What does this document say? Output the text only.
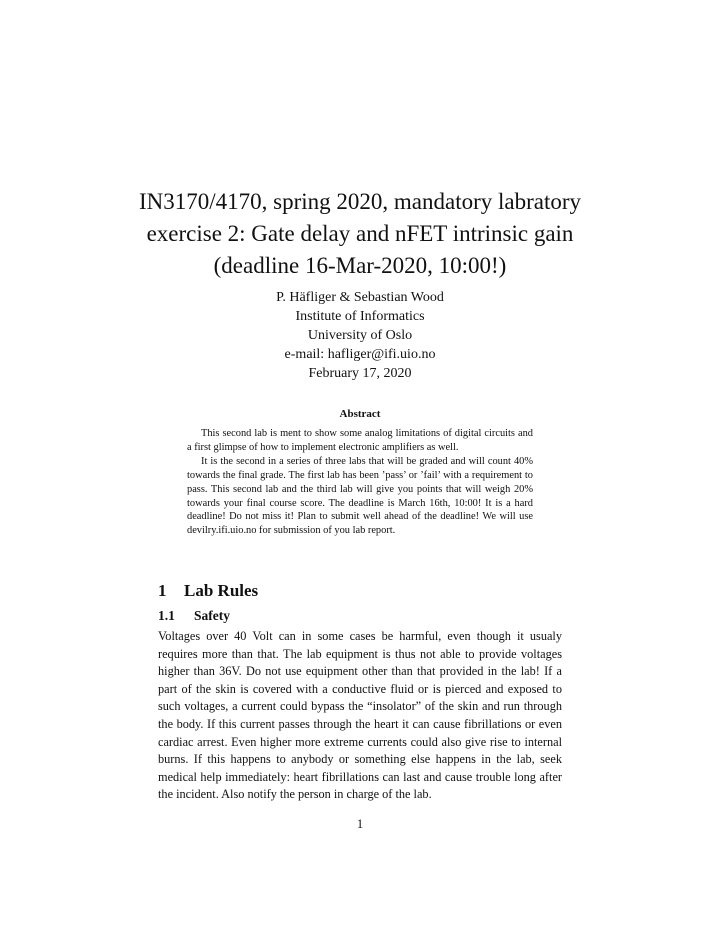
IN3170/4170, spring 2020, mandatory labratory
exercise 2: Gate delay and nFET intrinsic gain
(deadline 16-Mar-2020, 10:00!)
P. Häfliger & Sebastian Wood
Institute of Informatics
University of Oslo
e-mail: hafliger@ifi.uio.no
February 17, 2020
Abstract

This second lab is ment to show some analog limitations of digital circuits and a first glimpse of how to implement electronic amplifiers as well.

It is the second in a series of three labs that will be graded and will count 40% towards the final grade. The first lab has been ’pass’ or ’fail’ with a requirement to pass. This second lab and the third lab will give you points that will weigh 20% towards your final course score. The deadline is March 16th, 10:00! It is a hard deadline! Do not miss it! Plan to submit well ahead of the deadline! We will use devilry.ifi.uio.no for submission of you lab report.

1 Lab Rules
1.1 Safety

Voltages over 40 Volt can in some cases be harmful, even though it usualy requires more than that. The lab equipment is thus not able to provide voltages higher than 36V. Do not use equipment other than that provided in the lab! If a part of the skin is covered with a conductive fluid or is pierced and exposed to such voltages, a current could bypass the “insolator” of the skin and run through the body. If this current passes through the heart it can cause fibrillations or even cardiac arrest. Even higher more extreme currents could also give rise to internal burns. If this happens to anybody or something else happens in the lab, seek medical help immediately: heart fibrillations can last and cause trouble long after the incident. Also notify the person in charge of the lab.

1
